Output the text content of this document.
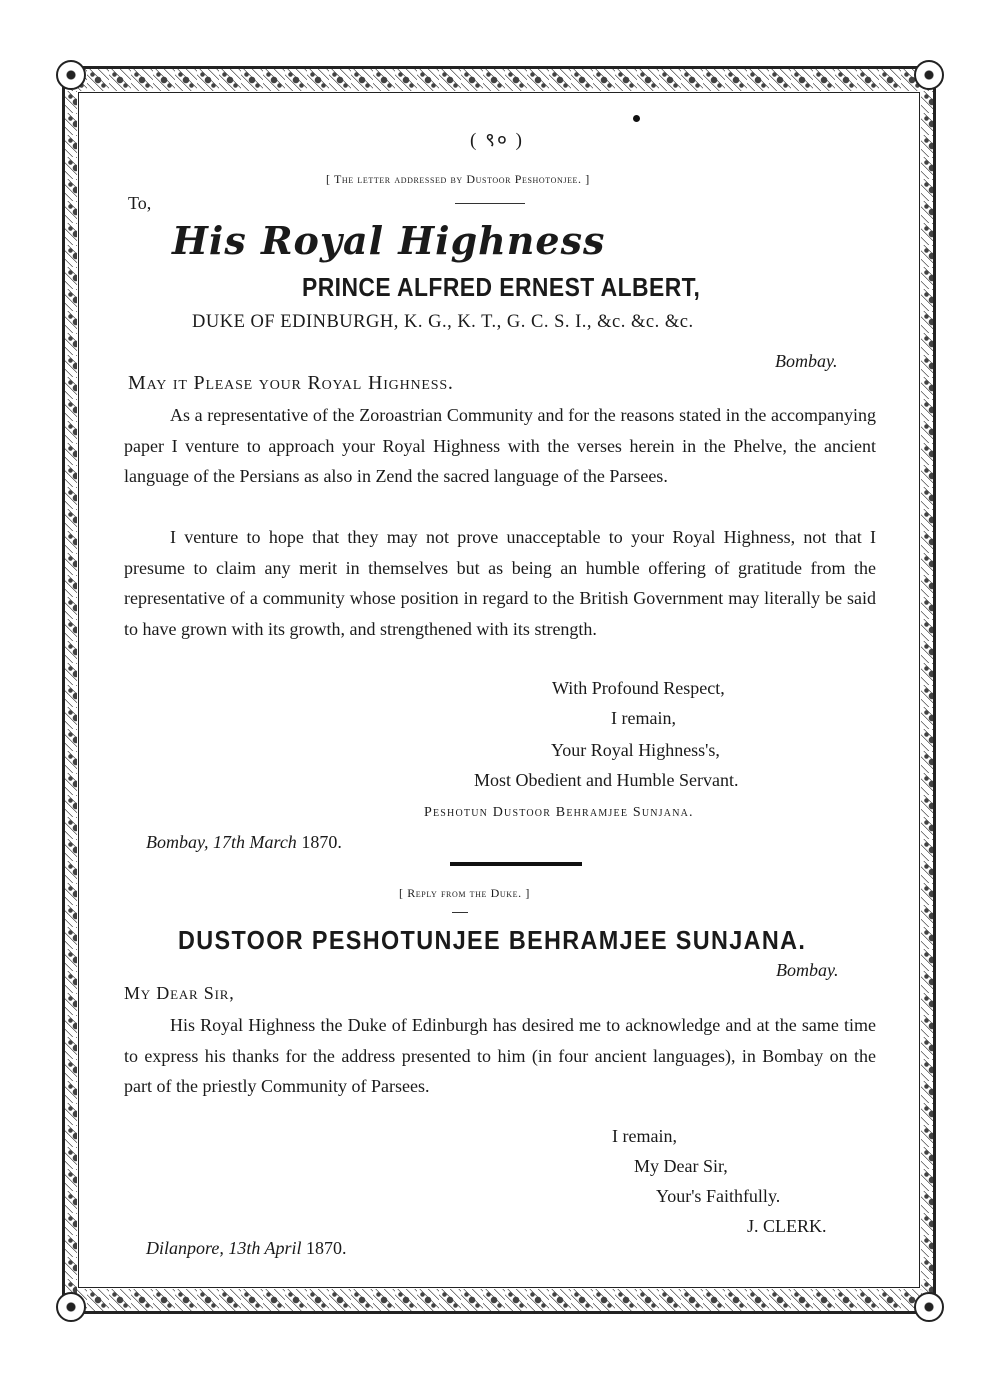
( ९० )
[ The letter addressed by Dustoor Peshotonjee. ]
To,
His Royal Highness
PRINCE ALFRED ERNEST ALBERT,
DUKE OF EDINBURGH, K. G., K. T., G. C. S. I., &c. &c. &c.
Bombay.
May it Please your Royal Highness.

As a representative of the Zoroastrian Community and for the reasons stated in the accompanying paper I venture to approach your Royal Highness with the verses herein in the Phelve, the ancient language of the Persians as also in Zend the sacred language of the Parsees.

I venture to hope that they may not prove unacceptable to your Royal Highness, not that I presume to claim any merit in themselves but as being an humble offering of gratitude from the representative of a community whose position in regard to the British Government may literally be said to have grown with its growth, and strengthened with its strength.

With Profound Respect,
I remain,
Your Royal Highness's,
Most Obedient and Humble Servant.
Peshotun Dustoor Behramjee Sunjana.
Bombay, 17th March 1870.
[ Reply from the Duke. ]
DUSTOOR PESHOTUNJEE BEHRAMJEE SUNJANA.
Bombay.
My Dear Sir,

His Royal Highness the Duke of Edinburgh has desired me to acknowledge and at the same time to express his thanks for the address presented to him (in four ancient languages), in Bombay on the part of the priestly Community of Parsees.

I remain,
My Dear Sir,
Your's Faithfully.
J. CLERK.
Dilanpore, 13th April 1870.
